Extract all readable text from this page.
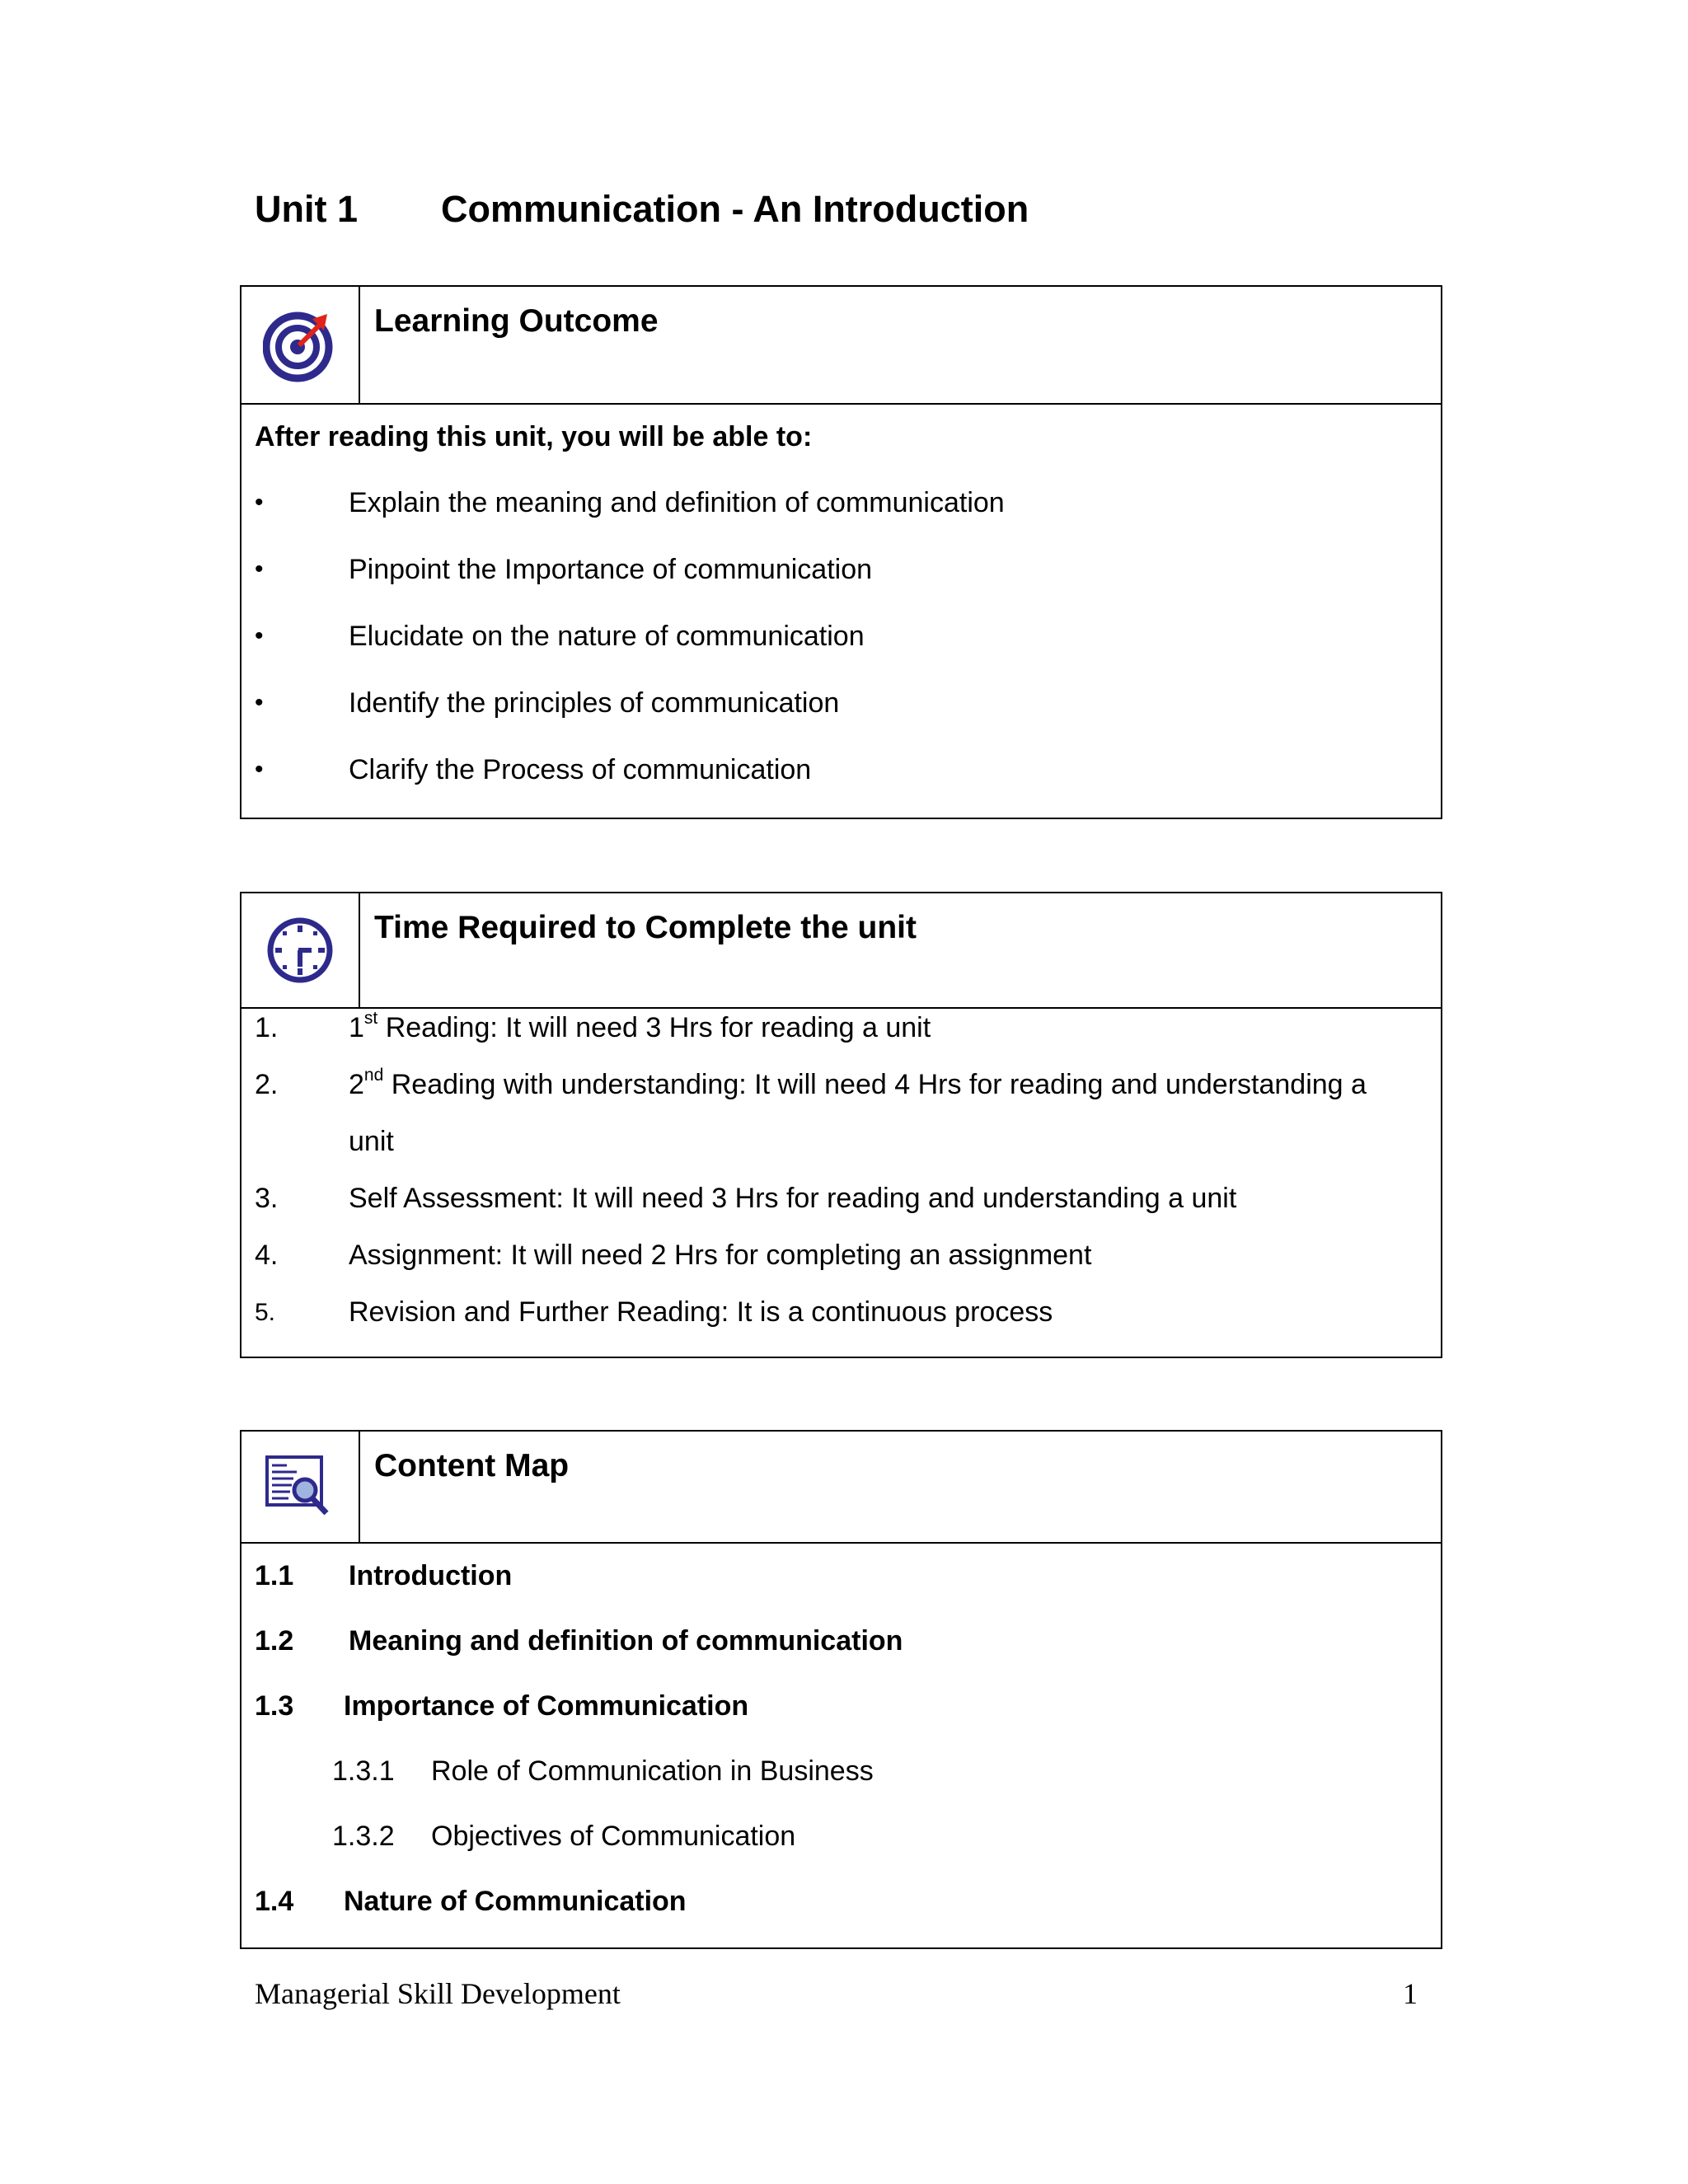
Unit 1 Communication - An Introduction
Learning Outcome
After reading this unit, you will be able to:
•	Explain the meaning and definition of communication
•	Pinpoint the Importance of communication
•	Elucidate on the nature of communication
•	Identify the principles of communication
•	Clarify the Process of communication
Time Required to Complete the unit
1.	1st Reading: It will need 3 Hrs for reading a unit
2.	2nd Reading with understanding: It will need 4 Hrs for reading and understanding a
unit
3.	Self Assessment: It will need 3 Hrs for reading and understanding a unit
4.	Assignment: It will need 2 Hrs for completing an assignment
5.	Revision and Further Reading: It is a continuous process
Content Map
1.1 Introduction
1.2 Meaning and definition of communication
1.3 Importance of Communication
1.3.1 Role of Communication in Business
1.3.2 Objectives of Communication
1.4 Nature of Communication
Managerial Skill Development	1
